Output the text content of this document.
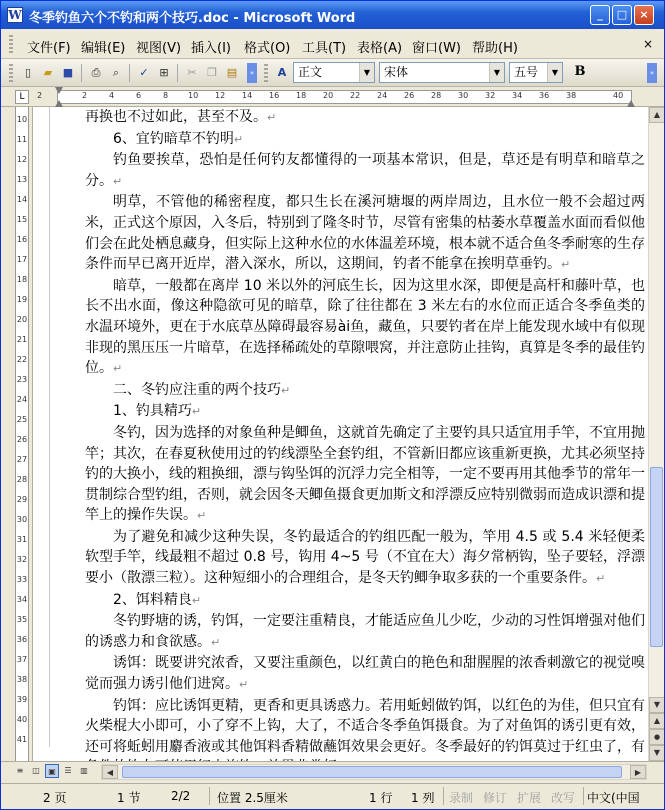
W 冬季钓鱼六个不钓和两个技巧.doc - Microsoft Word	_	□	×
文件(F) 编辑(E) 视图(V) 插入(I) 格式(O) 工具(T) 表格(A) 窗口(W) 帮助(H)	×
▯	▰ ■	⎙	⌕	✓ ⊞	✂ ❐ ▤	»	A 正文	▼	宋体	▼	五号	▼	B	»
L	2	2	4	6	8 10 12 14 16 18 20 22 24 26 28 30 32 34 36 38	40
10
11
12
13
14
15
16
17
18
19
20
21
22
23
24
25
26
27
28
29
30
31
32
33
34
35
36
37
38
39
40
41

再换也不过如此，甚至不及。↵

6、宜钓暗草不钓明↵

钓鱼要挨草，恐怕是任何钓友都懂得的一项基本常识，但是，草还是有明草和暗草之分。↵

明草，不管他的稀密程度，都只生长在溪河塘堰的两岸周边，且水位一般不会超过两米，正式这个原因，入冬后，特别到了隆冬时节，尽管有密集的枯萎水草覆盖水面而看似他们会在此处栖息藏身，但实际上这种水位的水体温差环境，根本就不适合鱼冬季耐寒的生存条件而早已离开近岸，潜入深水，所以，这期间，钓者不能拿在挨明草垂钓。↵

暗草，一般都在离岸 10 米以外的河底生长，因为这里水深，即便是高杆和藤叶草，也长不出水面，像这种隐欲可见的暗草，除了往往都在 3 米左右的水位而正适合冬季鱼类的水温环境外，更在于水底草丛障碍最容易ài鱼，藏鱼，只要钓者在岸上能发现水域中有似现非现的黑压压一片暗草，在选择稀疏处的草隙喂窝，并注意防止挂钩，真算是冬季的最佳钓位。↵

二、冬钓应注重的两个技巧↵

1、钓具精巧↵

冬钓，因为选择的对象鱼种是鲫鱼，这就首先确定了主要钓具只适宜用手竿，不宜用抛竿；其次，在春夏秋使用过的钓线漂坠全套钓组，不管新旧都应该重新更换，尤其必须坚持钓的大换小，线的粗换细，漂与钩坠饵的沉浮力完全相等，一定不要再用其他季节的常年一贯制综合型钓组，否则，就会因冬天鲫鱼摄食更加斯文和浮漂反应特别微弱而造成识漂和提竿上的操作失误。↵

为了避免和减少这种失误，冬钓最适合的钓组匹配一般为，竿用 4.5 或 5.4 米轻便柔软型手竿，线最粗不超过 0.8 号，钩用 4~5 号（不宜在大）海夕常柄钩，坠子要轻，浮漂要小（散漂三粒）。这种短细小的合理组合，是冬天钓鲫争取多获的一个重要条件。↵

2、饵料精良↵

冬钓野塘的诱，钓饵，一定要注重精良，才能适应鱼儿少吃，少动的习性饵增强对他们的诱惑力和食欲感。↵

诱饵：既要讲究浓香，又要注重颜色，以红黄白的艳色和甜腥腥的浓香刺激它的视觉嗅觉而强力诱引他们进窝。↵

钓饵：应比诱饵更精，更香和更具诱惑力。若用蚯蚓做钓饵，以红色的为佳，但只宜有火柴棍大小即可，小了穿不上钩，大了，不适合冬季鱼饵摄食。为了对鱼饵的诱引更有效，还可将蚯蚓用麝香液或其他饵料香精做蘸饵效果会更好。冬季最好的钓饵莫过于红虫了，有

▲
▼
▲
●
▼
≡	◫	▣	☰	▥	◀	▶
2 页	1 节	2/2 位置 2.5厘米	1 行 1 列 录制 修订 扩展 改写 中文(中国
